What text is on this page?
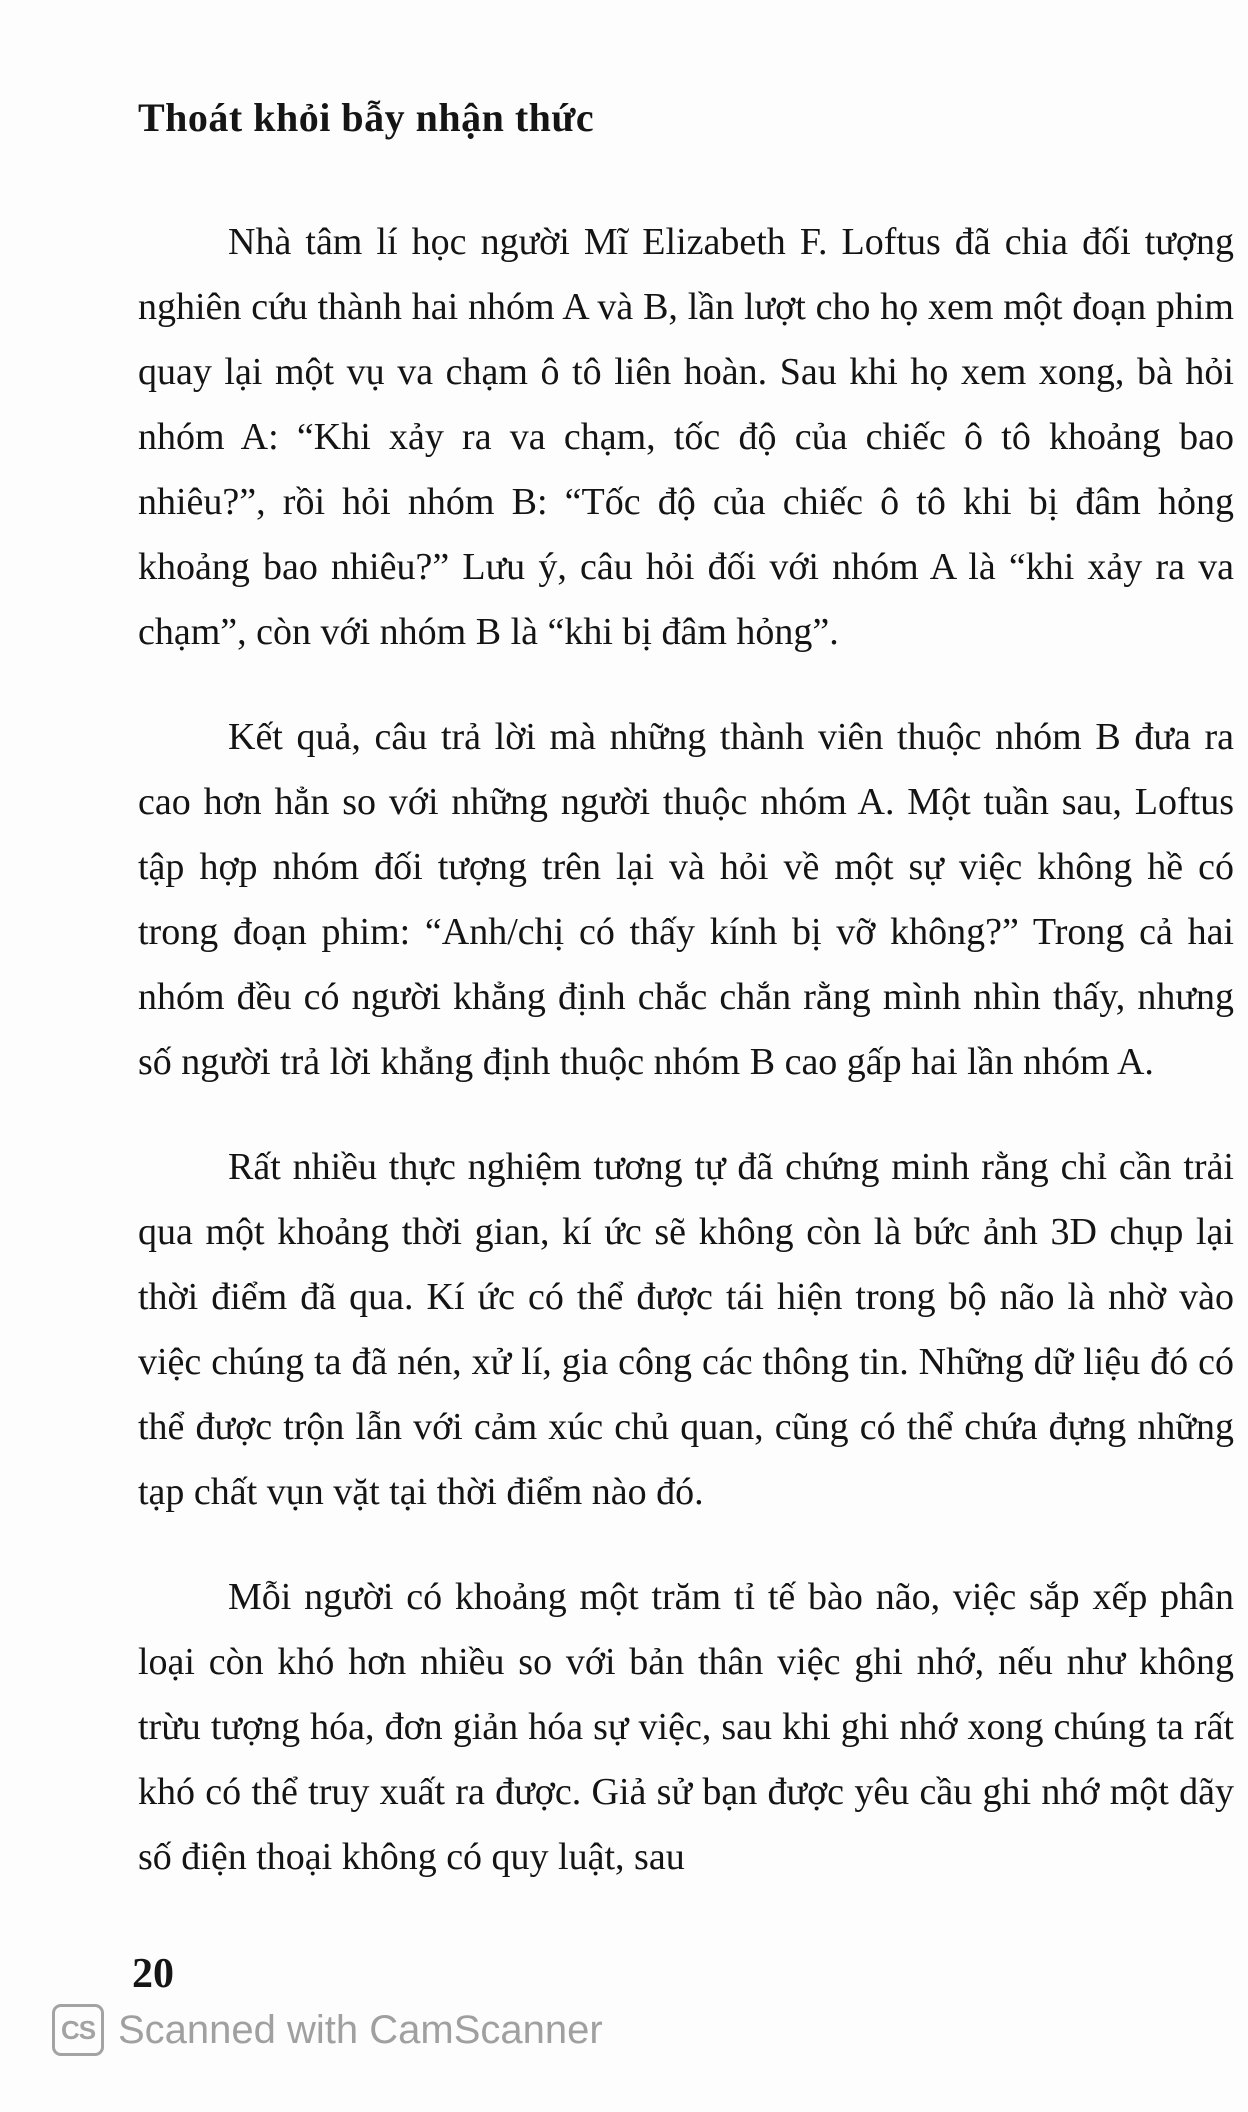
Thoát khỏi bẫy nhận thức

Nhà tâm lí học người Mĩ Elizabeth F. Loftus đã chia đối tượng nghiên cứu thành hai nhóm A và B, lần lượt cho họ xem một đoạn phim quay lại một vụ va chạm ô tô liên hoàn. Sau khi họ xem xong, bà hỏi nhóm A: “Khi xảy ra va chạm, tốc độ của chiếc ô tô khoảng bao nhiêu?”, rồi hỏi nhóm B: “Tốc độ của chiếc ô tô khi bị đâm hỏng khoảng bao nhiêu?” Lưu ý, câu hỏi đối với nhóm A là “khi xảy ra va chạm”, còn với nhóm B là “khi bị đâm hỏng”.

Kết quả, câu trả lời mà những thành viên thuộc nhóm B đưa ra cao hơn hẳn so với những người thuộc nhóm A. Một tuần sau, Loftus tập hợp nhóm đối tượng trên lại và hỏi về một sự việc không hề có trong đoạn phim: “Anh/chị có thấy kính bị vỡ không?” Trong cả hai nhóm đều có người khẳng định chắc chắn rằng mình nhìn thấy, nhưng số người trả lời khẳng định thuộc nhóm B cao gấp hai lần nhóm A.

Rất nhiều thực nghiệm tương tự đã chứng minh rằng chỉ cần trải qua một khoảng thời gian, kí ức sẽ không còn là bức ảnh 3D chụp lại thời điểm đã qua. Kí ức có thể được tái hiện trong bộ não là nhờ vào việc chúng ta đã nén, xử lí, gia công các thông tin. Những dữ liệu đó có thể được trộn lẫn với cảm xúc chủ quan, cũng có thể chứa đựng những tạp chất vụn vặt tại thời điểm nào đó.

Mỗi người có khoảng một trăm tỉ tế bào não, việc sắp xếp phân loại còn khó hơn nhiều so với bản thân việc ghi nhớ, nếu như không trừu tượng hóa, đơn giản hóa sự việc, sau khi ghi nhớ xong chúng ta rất khó có thể truy xuất ra được. Giả sử bạn được yêu cầu ghi nhớ một dãy số điện thoại không có quy luật, sau

20
CS Scanned with CamScanner
